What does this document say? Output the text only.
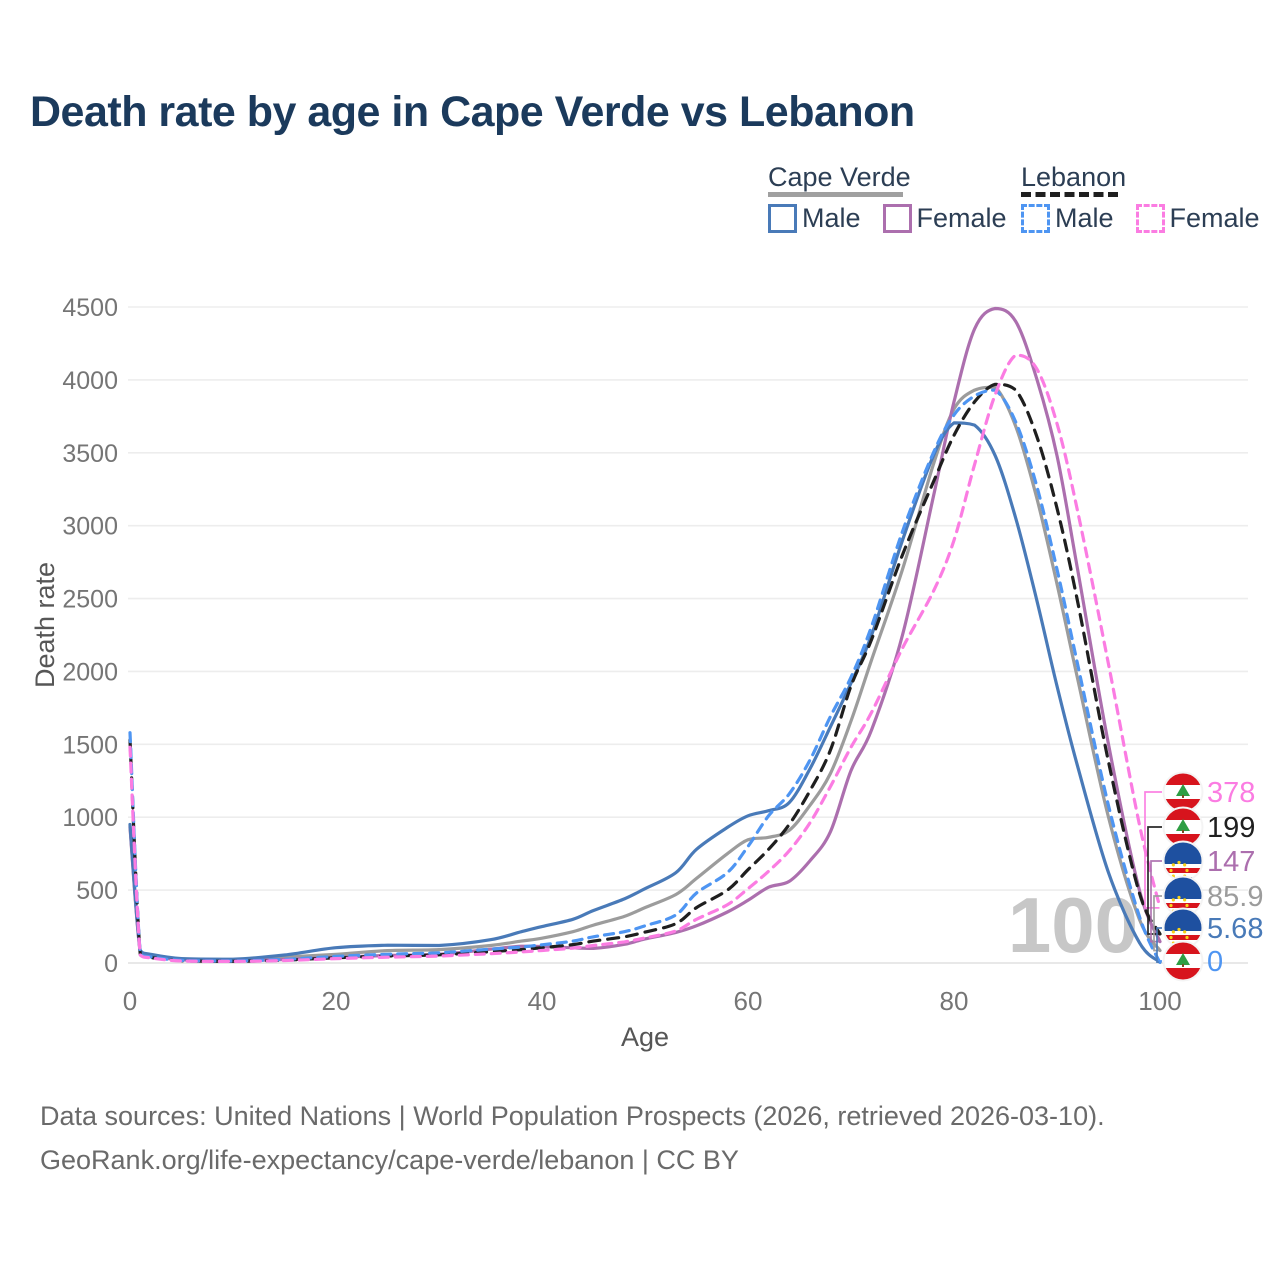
Death rate by age in Cape Verde vs Lebanon
Cape Verde	Lebanon
Male Female Male Female
0
500
1000
1500
2000
2500
3000
3500
4000
4500
0	20	40	60	80	100
100
378
199
147
85.9
5.68
0
Age
Death rate
Data sources: United Nations | World Population Prospects (2026, retrieved 2026-03-10).
GeoRank.org/life-expectancy/cape-verde/lebanon | CC BY
